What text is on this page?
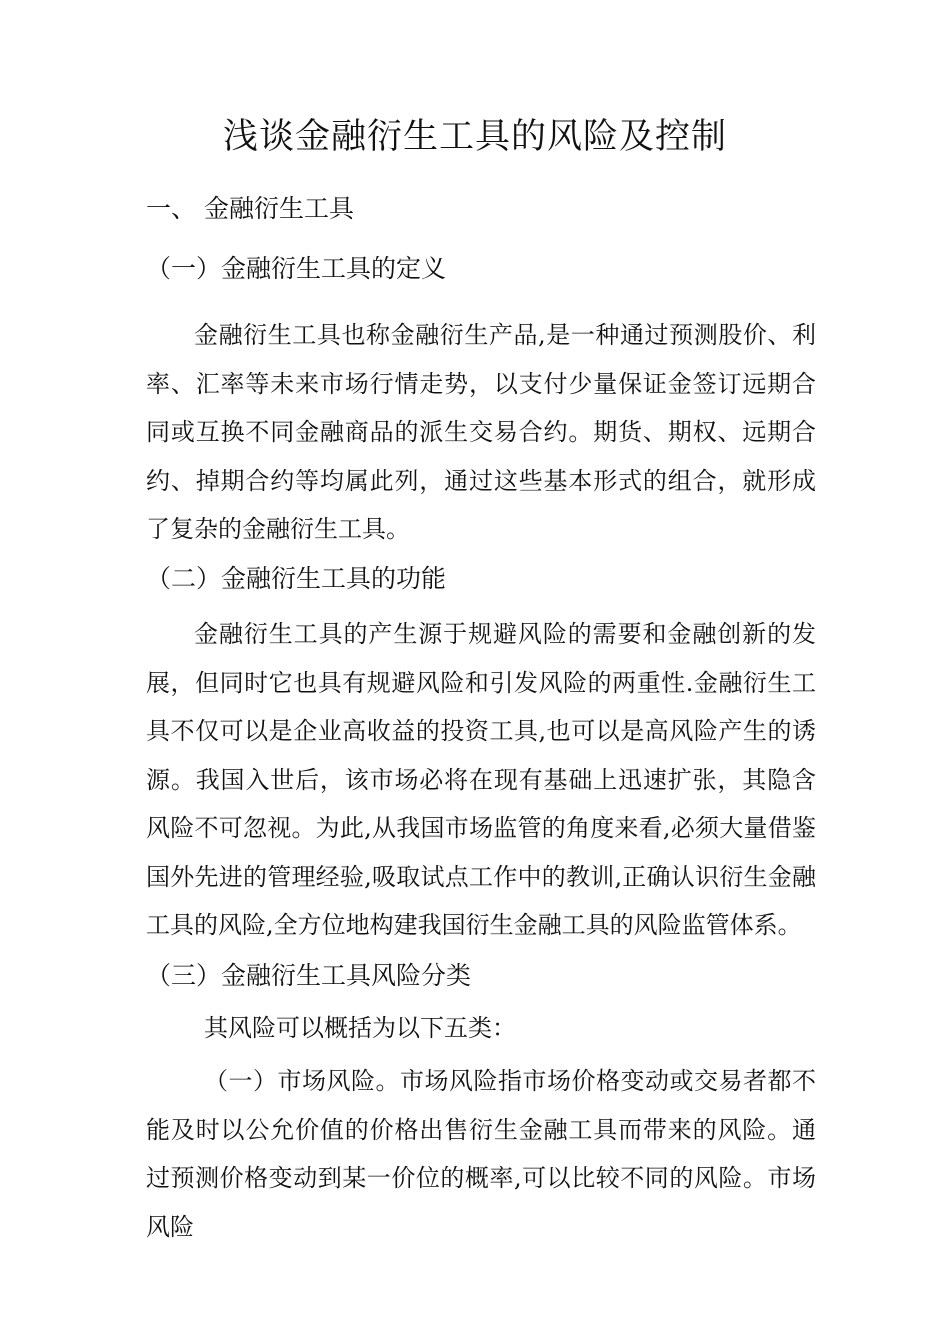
浅谈金融衍生工具的风险及控制
一、 金融衍生工具
（一）金融衍生工具的定义

金融衍生工具也称金融衍生产品,是一种通过预测股价、利率、汇率等未来市场行情走势，以支付少量保证金签订远期合同或互换不同金融商品的派生交易合约。期货、期权、远期合约、掉期合约等均属此列，通过这些基本形式的组合，就形成了复杂的金融衍生工具。

（二）金融衍生工具的功能

金融衍生工具的产生源于规避风险的需要和金融创新的发展，但同时它也具有规避风险和引发风险的两重性.金融衍生工具不仅可以是企业高收益的投资工具,也可以是高风险产生的诱源。我国入世后，该市场必将在现有基础上迅速扩张，其隐含风险不可忽视。为此,从我国市场监管的角度来看,必须大量借鉴国外先进的管理经验,吸取试点工作中的教训,正确认识衍生金融工具的风险,全方位地构建我国衍生金融工具的风险监管体系。

（三）金融衍生工具风险分类
其风险可以概括为以下五类：

（一）市场风险。市场风险指市场价格变动或交易者都不能及时以公允价值的价格出售衍生金融工具而带来的风险。通过预测价格变动到某一价位的概率,可以比较不同的风险。市场风险
